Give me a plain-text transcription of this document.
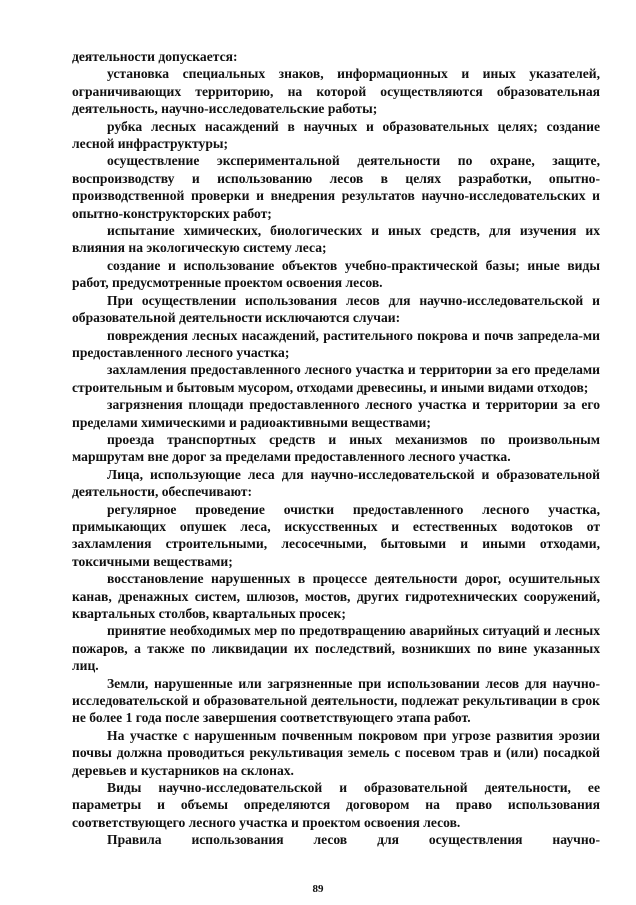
деятельности допускается:

установка специальных знаков, информационных и иных указателей, ограничивающих территорию, на которой осуществляются образовательная деятельность, научно-исследовательские работы;

рубка лесных насаждений в научных и образовательных целях; создание лесной инфраструктуры;

осуществление экспериментальной деятельности по охране, защите, воспроизводству и использованию лесов в целях разработки, опытно-производственной проверки и внедрения результатов научно-исследовательских и опытно-конструкторских работ;

испытание химических, биологических и иных средств, для изучения их влияния на экологическую систему леса;

создание и использование объектов учебно-практической базы; иные виды работ, предусмотренные проектом освоения лесов.

При осуществлении использования лесов для научно-исследовательской и образовательной деятельности исключаются случаи:

повреждения лесных насаждений, растительного покрова и почв запредела-ми предоставленного лесного участка;

захламления предоставленного лесного участка и территории за его пределами строительным и бытовым мусором, отходами древесины, и иными видами отходов;

загрязнения площади предоставленного лесного участка и территории за его пределами химическими и радиоактивными веществами;

проезда транспортных средств и иных механизмов по произвольным маршрутам вне дорог за пределами предоставленного лесного участка.

Лица, использующие леса для научно-исследовательской и образовательной деятельности, обеспечивают:

регулярное проведение очистки предоставленного лесного участка, примыкающих опушек леса, искусственных и естественных водотоков от захламления строительными, лесосечными, бытовыми и иными отходами, токсичными веществами;

восстановление нарушенных в процессе деятельности дорог, осушительных канав, дренажных систем, шлюзов, мостов, других гидротехнических сооружений, квартальных столбов, квартальных просек;

принятие необходимых мер по предотвращению аварийных ситуаций и лесных пожаров, а также по ликвидации их последствий, возникших по вине указанных лиц.

Земли, нарушенные или загрязненные при использовании лесов для научно-исследовательской и образовательной деятельности, подлежат рекультивации в срок не более 1 года после завершения соответствующего этапа работ.

На участке с нарушенным почвенным покровом при угрозе развития эрозии почвы должна проводиться рекультивация земель с посевом трав и (или) посадкой деревьев и кустарников на склонах.

Виды научно-исследовательской и образовательной деятельности, ее параметры и объемы определяются договором на право использования соответствующего лесного участка и проектом освоения лесов.

Правила использования лесов для осуществления научно-

89
